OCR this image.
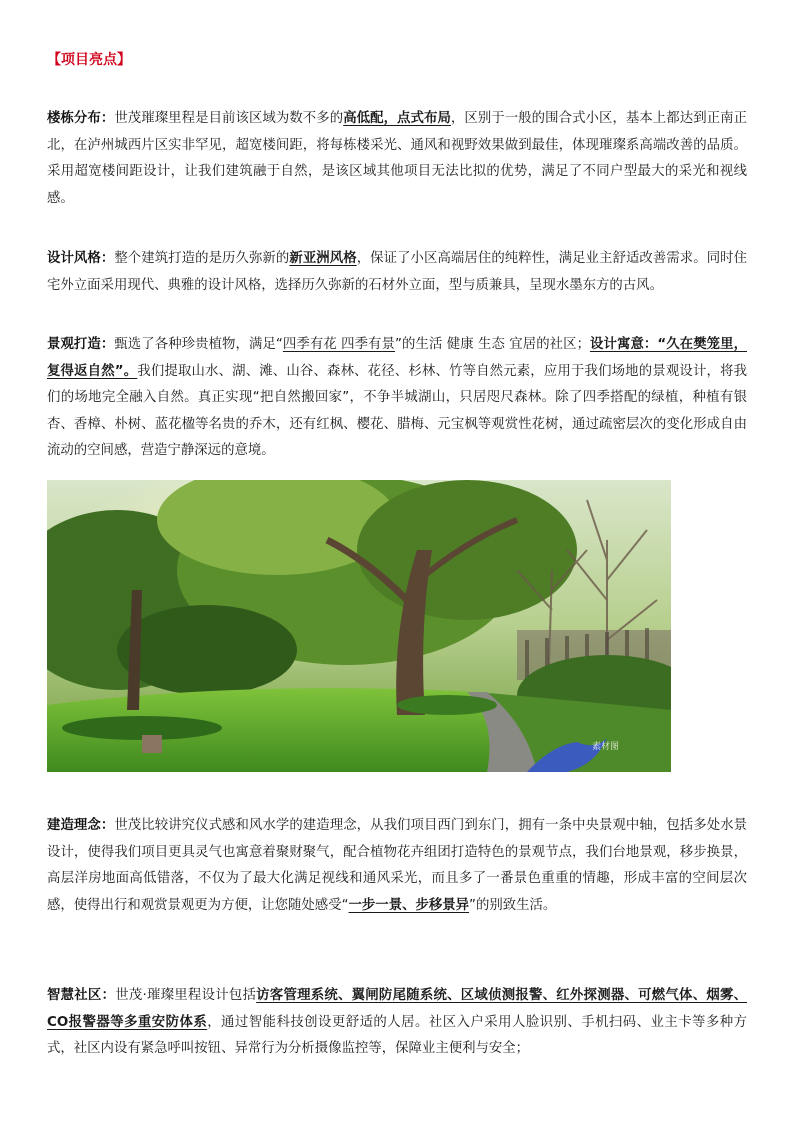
【项目亮点】

楼栋分布：世茂璀璨里程是目前该区域为数不多的高低配，点式布局，区别于一般的围合式小区，基本上都达到正南正北，在泸州城西片区实非罕见，超宽楼间距，将每栋楼采光、通风和视野效果做到最佳，体现璀璨系高端改善的品质。采用超宽楼间距设计，让我们建筑融于自然，是该区域其他项目无法比拟的优势，满足了不同户型最大的采光和视线感。

设计风格：整个建筑打造的是历久弥新的新亚洲风格，保证了小区高端居住的纯粹性，满足业主舒适改善需求。同时住宅外立面采用现代、典雅的设计风格，选择历久弥新的石材外立面，型与质兼具，呈现水墨东方的古风。

景观打造：甄选了各种珍贵植物，满足“四季有花 四季有景”的生活 健康 生态 宜居的社区；设计寓意：“久在樊笼里，复得返自然”。我们提取山水、湖、滩、山谷、森林、花径、杉林、竹等自然元素，应用于我们场地的景观设计，将我们的场地完全融入自然。真正实现“把自然搬回家”，不争半城湖山，只居咫尺森林。除了四季搭配的绿植，种植有银杏、香樟、朴树、蓝花楹等名贵的乔木，还有红枫、樱花、腊梅、元宝枫等观赏性花树，通过疏密层次的变化形成自由流动的空间感，营造宁静深远的意境。

素材图

建造理念：世茂比较讲究仪式感和风水学的建造理念，从我们项目西门到东门，拥有一条中央景观中轴，包括多处水景设计，使得我们项目更具灵气也寓意着聚财聚气，配合植物花卉组团打造特色的景观节点，我们台地景观，移步换景，高层洋房地面高低错落，不仅为了最大化满足视线和通风采光，而且多了一番景色重重的情趣，形成丰富的空间层次感，使得出行和观赏景观更为方便，让您随处感受“一步一景、步移景异”的别致生活。

智慧社区：世茂·璀璨里程设计包括访客管理系统、翼闸防尾随系统、区域侦测报警、红外探测器、可燃气体、烟雾、CO报警器等多重安防体系，通过智能科技创设更舒适的人居。社区入户采用人脸识别、手机扫码、业主卡等多种方式，社区内设有紧急呼叫按钮、异常行为分析摄像监控等，保障业主便利与安全；
